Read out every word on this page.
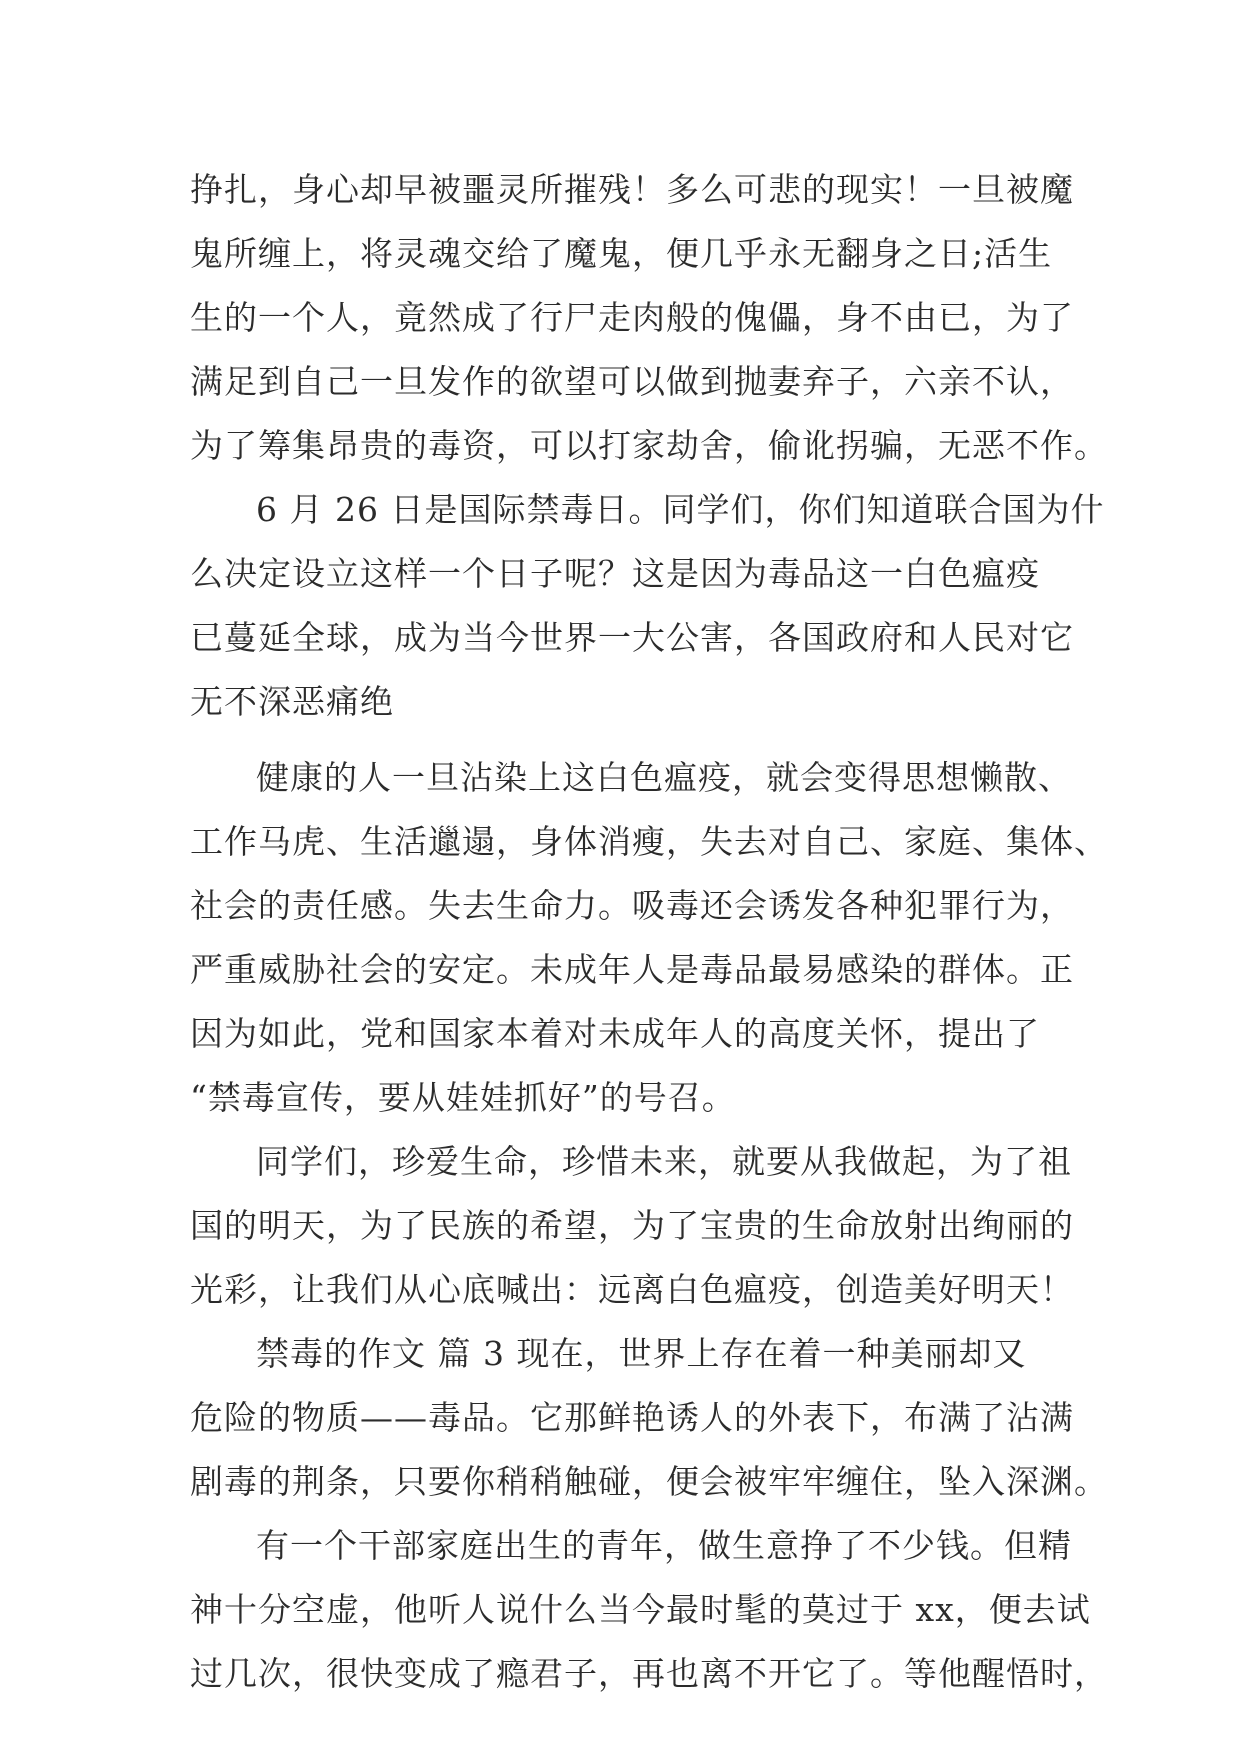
挣扎，身心却早被噩灵所摧残！多么可悲的现实！一旦被魔
鬼所缠上，将灵魂交给了魔鬼，便几乎永无翻身之日;活生
生的一个人，竟然成了行尸走肉般的傀儡，身不由已，为了
满足到自己一旦发作的欲望可以做到抛妻弃子，六亲不认，
为了筹集昂贵的毒资，可以打家劫舍，偷讹拐骗，无恶不作。
6 月 26 日是国际禁毒日。同学们，你们知道联合国为什
么决定设立这样一个日子呢？这是因为毒品这一白色瘟疫
已蔓延全球，成为当今世界一大公害，各国政府和人民对它
无不深恶痛绝
健康的人一旦沾染上这白色瘟疫，就会变得思想懒散、
工作马虎、生活邋遢，身体消瘦，失去对自己、家庭、集体、
社会的责任感。失去生命力。吸毒还会诱发各种犯罪行为，
严重威胁社会的安定。未成年人是毒品最易感染的群体。正
因为如此，党和国家本着对未成年人的高度关怀，提出了
“禁毒宣传，要从娃娃抓好”的号召。
同学们，珍爱生命，珍惜未来，就要从我做起，为了祖
国的明天，为了民族的希望，为了宝贵的生命放射出绚丽的
光彩，让我们从心底喊出：远离白色瘟疫，创造美好明天！
禁毒的作文 篇 3 现在，世界上存在着一种美丽却又
危险的物质——毒品。它那鲜艳诱人的外表下，布满了沾满
剧毒的荆条，只要你稍稍触碰，便会被牢牢缠住，坠入深渊。
有一个干部家庭出生的青年，做生意挣了不少钱。但精
神十分空虚，他听人说什么当今最时髦的莫过于 xx，便去试
过几次，很快变成了瘾君子，再也离不开它了。等他醒悟时，
